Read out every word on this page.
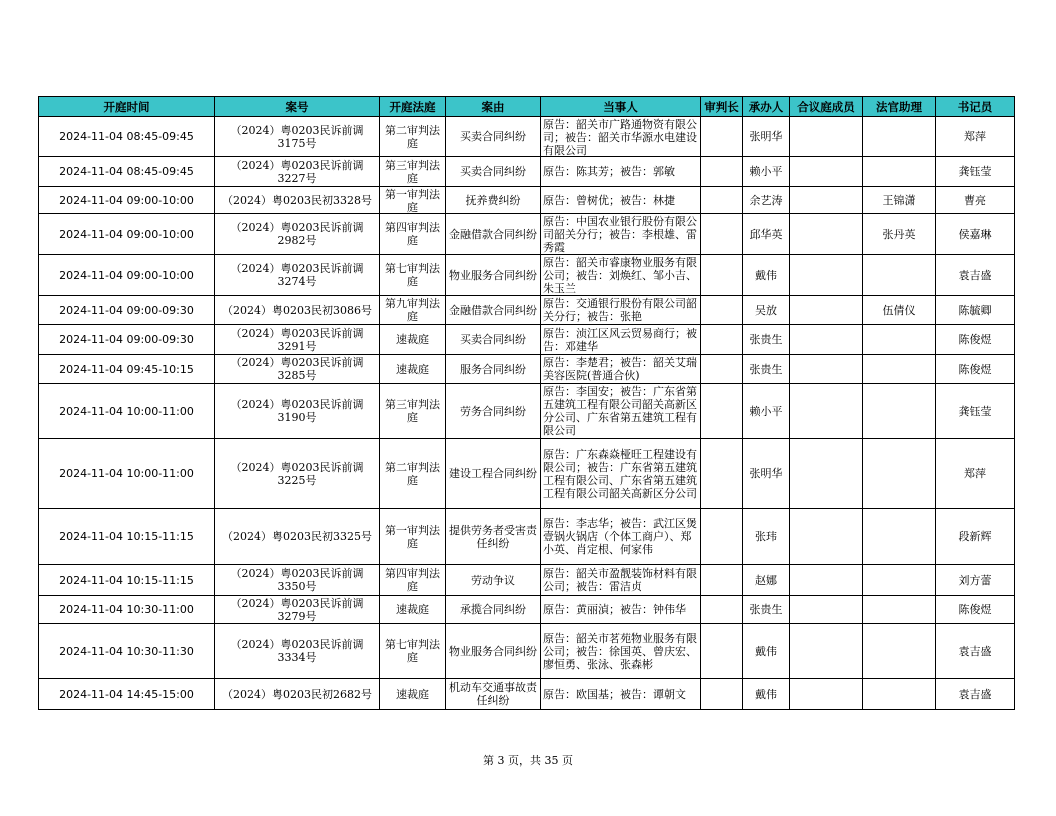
开庭时间	案号	开庭法庭	案由	当事人	审判长	承办人	合议庭成员	法官助理	书记员

2024-11-04 08:45-09:45	（2024）粤0203民诉前调3175号	第二审判法庭	买卖合同纠纷	原告：韶关市广路通物资有限公司；被告：韶关市华源水电建设有限公司		张明华			郑萍

2024-11-04 08:45-09:45	（2024）粤0203民诉前调3227号	第三审判法庭	买卖合同纠纷	原告：陈其芳；被告：郭敏		赖小平			龚钰莹

2024-11-04 09:00-10:00	（2024）粤0203民初3328号	第一审判法庭	抚养费纠纷	原告：曾树优；被告：林捷		余艺涛		王锦潇	曹亮

2024-11-04 09:00-10:00	（2024）粤0203民诉前调2982号	第四审判法庭	金融借款合同纠纷	原告：中国农业银行股份有限公司韶关分行；被告：李根雄、雷秀霞		邱华英		张丹英	侯嘉琳

2024-11-04 09:00-10:00	（2024）粤0203民诉前调3274号	第七审判法庭	物业服务合同纠纷	原告：韶关市睿康物业服务有限公司；被告：刘焕红、邹小吉、朱玉兰		戴伟			袁吉盛

2024-11-04 09:00-09:30	（2024）粤0203民初3086号	第九审判法庭	金融借款合同纠纷	原告：交通银行股份有限公司韶关分行；被告：张艳		吴放		伍倩仪	陈毓卿

2024-11-04 09:00-09:30	（2024）粤0203民诉前调3291号	速裁庭	买卖合同纠纷	原告：浈江区风云贸易商行；被告：邓建华		张贵生			陈俊煜

2024-11-04 09:45-10:15	（2024）粤0203民诉前调3285号	速裁庭	服务合同纠纷	原告：李楚君；被告：韶关艾瑞美容医院(普通合伙)		张贵生			陈俊煜

2024-11-04 10:00-11:00	（2024）粤0203民诉前调3190号	第三审判法庭	劳务合同纠纷	原告：李国安；被告：广东省第五建筑工程有限公司韶关高新区分公司、广东省第五建筑工程有限公司		赖小平			龚钰莹

2024-11-04 10:00-11:00	（2024）粤0203民诉前调3225号	第二审判法庭	建设工程合同纠纷	原告：广东森焱桠旺工程建设有限公司；被告：广东省第五建筑工程有限公司、广东省第五建筑工程有限公司韶关高新区分公司		张明华			郑萍

2024-11-04 10:15-11:15	（2024）粤0203民初3325号	第一审判法庭	提供劳务者受害责任纠纷	原告：李志华；被告：武江区煲壹锅火锅店（个体工商户）、郑小英、肖定根、何家伟		张玮			段新辉

2024-11-04 10:15-11:15	（2024）粤0203民诉前调3350号	第四审判法庭	劳动争议	原告：韶关市盈靓装饰材料有限公司；被告：雷洁贞		赵娜			刘方蕾

2024-11-04 10:30-11:00	（2024）粤0203民诉前调3279号	速裁庭	承揽合同纠纷	原告：黄丽湞；被告：钟伟华		张贵生			陈俊煜

2024-11-04 10:30-11:30	（2024）粤0203民诉前调3334号	第七审判法庭	物业服务合同纠纷	原告：韶关市茗苑物业服务有限公司；被告：徐国英、曾庆宏、廖恒勇、张泳、张森彬		戴伟			袁吉盛

2024-11-04 14:45-15:00	（2024）粤0203民初2682号	速裁庭	机动车交通事故责任纠纷	原告：欧国基；被告：谭朝文		戴伟			袁吉盛
第 3 页，共 35 页
